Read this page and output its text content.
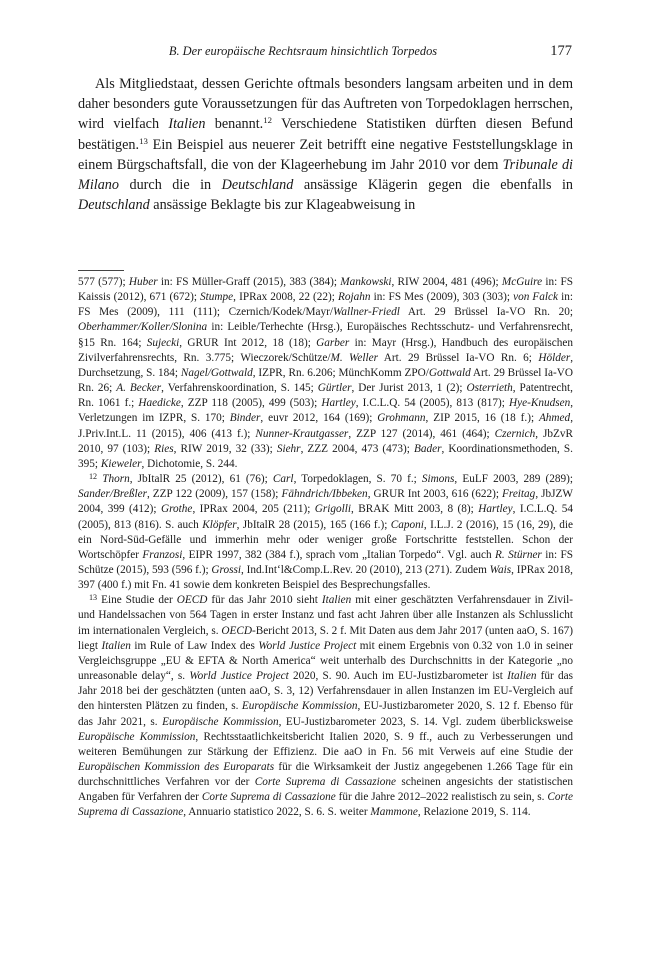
B. Der europäische Rechtsraum hinsichtlich Torpedos	177

Als Mitgliedstaat, dessen Gerichte oftmals besonders langsam arbeiten und in dem daher besonders gute Voraussetzungen für das Auftreten von Torpedoklagen herrschen, wird vielfach Italien benannt.$^{12}$ Verschiedene Statistiken dürften diesen Befund bestätigen.$^{13}$ Ein Beispiel aus neuerer Zeit betrifft eine negative Feststellungsklage in einem Bürgschaftsfall, die von der Klageerhebung im Jahr 2010 vor dem Tribunale di Milano durch die in Deutschland ansässige Klägerin gegen die ebenfalls in Deutschland ansässige Beklagte bis zur Klageabweisung in

577 (577); Huber in: FS Müller-Graff (2015), 383 (384); Mankowski, RIW 2004, 481 (496); McGuire in: FS Kaissis (2012), 671 (672); Stumpe, IPRax 2008, 22 (22); Rojahn in: FS Mes (2009), 303 (303); von Falck in: FS Mes (2009), 111 (111); Czernich/Kodek/Mayr/Wallner-Friedl Art. 29 Brüssel Ia-VO Rn. 20; Oberhammer/Koller/Slonina in: Leible/Terhechte (Hrsg.), Europäisches Rechtsschutz- und Verfahrensrecht, §15 Rn. 164; Sujecki, GRUR Int 2012, 18 (18); Garber in: Mayr (Hrsg.), Handbuch des europäischen Zivilverfahrensrechts, Rn. 3.775; Wieczorek/Schütze/M. Weller Art. 29 Brüssel Ia-VO Rn. 6; Hölder, Durchsetzung, S. 184; Nagel/Gottwald, IZPR, Rn. 6.206; MünchKomm ZPO/Gottwald Art. 29 Brüssel Ia-VO Rn. 26; A. Becker, Verfahrenskoordination, S. 145; Gürtler, Der Jurist 2013, 1 (2); Osterrieth, Patentrecht, Rn. 1061 f.; Haedicke, ZZP 118 (2005), 499 (503); Hartley, I.C.L.Q. 54 (2005), 813 (817); Hye-Knudsen, Verletzungen im IZPR, S. 170; Binder, euvr 2012, 164 (169); Grohmann, ZIP 2015, 16 (18 f.); Ahmed, J.Priv.Int.L. 11 (2015), 406 (413 f.); Nunner-Krautgasser, ZZP 127 (2014), 461 (464); Czernich, JbZvR 2010, 97 (103); Ries, RIW 2019, 32 (33); Siehr, ZZZ 2004, 473 (473); Bader, Koordinationsmethoden, S. 395; Kieweler, Dichotomie, S. 244.

$^{12}$ Thorn, JbItalR 25 (2012), 61 (76); Carl, Torpedoklagen, S. 70 f.; Simons, EuLF 2003, 289 (289); Sander/Breßler, ZZP 122 (2009), 157 (158); Fähndrich/Ibbeken, GRUR Int 2003, 616 (622); Freitag, JbJZW 2004, 399 (412); Grothe, IPRax 2004, 205 (211); Grigolli, BRAK Mitt 2003, 8 (8); Hartley, I.C.L.Q. 54 (2005), 813 (816). S. auch Klöpfer, JbItalR 28 (2015), 165 (166 f.); Caponi, I.L.J. 2 (2016), 15 (16, 29), die ein Nord-Süd-Gefälle und immerhin mehr oder weniger große Fortschritte feststellen. Schon der Wortschöpfer Franzosi, EIPR 1997, 382 (384 f.), sprach vom „Italian Torpedo“. Vgl. auch R. Stürner in: FS Schütze (2015), 593 (596 f.); Grossi, Ind.Int‘l&Comp.L.Rev. 20 (2010), 213 (271). Zudem Wais, IPRax 2018, 397 (400 f.) mit Fn. 41 sowie dem konkreten Beispiel des Besprechungsfalles.

$^{13}$ Eine Studie der OECD für das Jahr 2010 sieht Italien mit einer geschätzten Verfahrensdauer in Zivil- und Handelssachen von 564 Tagen in erster Instanz und fast acht Jahren über alle Instanzen als Schlusslicht im internationalen Vergleich, s. OECD-Bericht 2013, S. 2 f. Mit Daten aus dem Jahr 2017 (unten aaO, S. 167) liegt Italien im Rule of Law Index des World Justice Project mit einem Ergebnis von 0.32 von 1.0 in seiner Vergleichsgruppe „EU & EFTA & North America“ weit unterhalb des Durchschnitts in der Kategorie „no unreasonable delay“, s. World Justice Project 2020, S. 90. Auch im EU-Justizbarometer ist Italien für das Jahr 2018 bei der geschätzten (unten aaO, S. 3, 12) Verfahrensdauer in allen Instanzen im EU-Vergleich auf den hintersten Plätzen zu finden, s. Europäische Kommission, EU-Justizbarometer 2020, S. 12 f. Ebenso für das Jahr 2021, s. Europäische Kommission, EU-Justizbarometer 2023, S. 14. Vgl. zudem überblicksweise Europäische Kommission, Rechtsstaatlichkeitsbericht Italien 2020, S. 9 ff., auch zu Verbesserungen und weiteren Bemühungen zur Stärkung der Effizienz. Die aaO in Fn. 56 mit Verweis auf eine Studie der Europäischen Kommission des Europarats für die Wirksamkeit der Justiz angegebenen 1.266 Tage für ein durchschnittliches Verfahren vor der Corte Suprema di Cassazione scheinen angesichts der statistischen Angaben für Verfahren der Corte Suprema di Cassazione für die Jahre 2012–2022 realistisch zu sein, s. Corte Suprema di Cassazione, Annuario statistico 2022, S. 6. S. weiter Mammone, Relazione 2019, S. 114.
